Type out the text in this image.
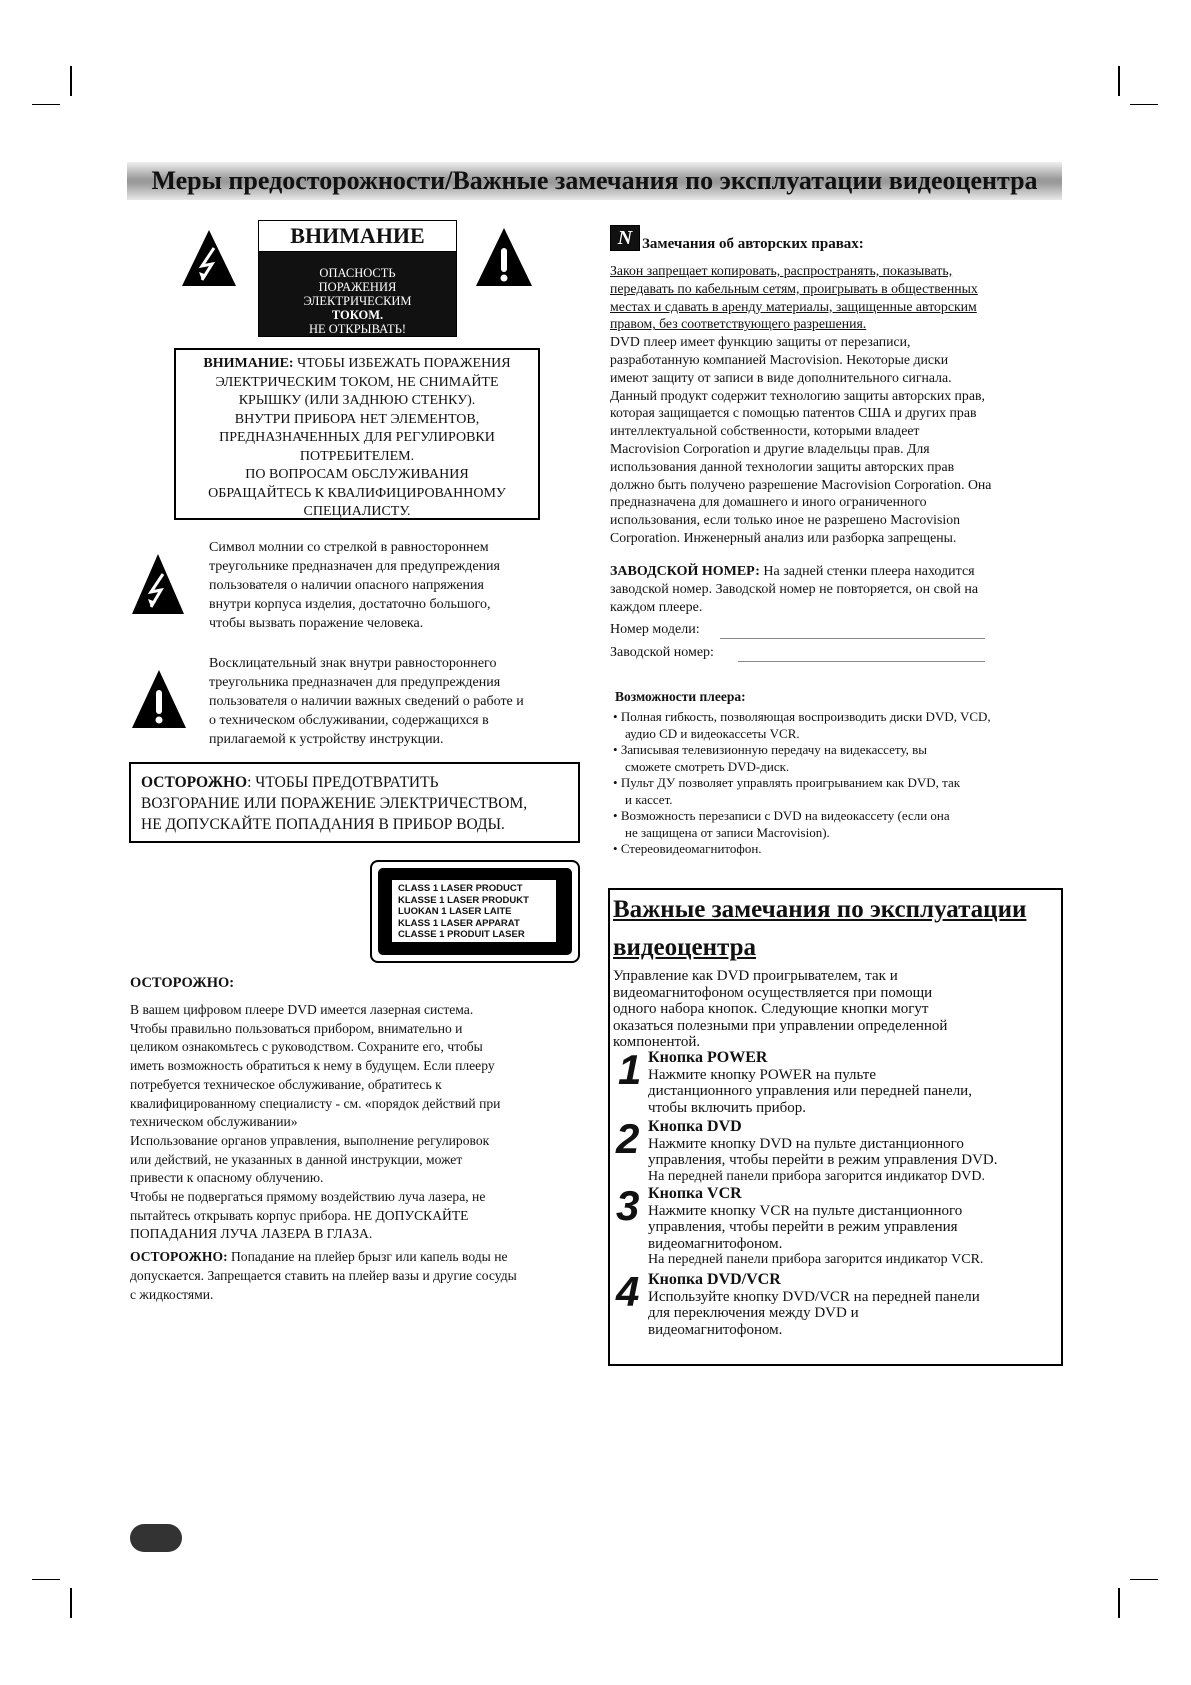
Меры предосторожности/Важные замечания по эксплуатации видеоцентра
ВНИМАНИЕ
ОПАСНОСТЬ
ПОРАЖЕНИЯ
ЭЛЕКТРИЧЕСКИМ
ТОКОМ.
НЕ ОТКРЫВАТЬ!
ВНИМАНИЕ: ЧТОБЫ ИЗБЕЖАТЬ ПОРАЖЕНИЯ
ЭЛЕКТРИЧЕСКИМ ТОКОМ, НЕ СНИМАЙТЕ
КРЫШКУ (ИЛИ ЗАДНЮЮ СТЕНКУ).
ВНУТРИ ПРИБОРА НЕТ ЭЛЕМЕНТОВ,
ПРЕДНАЗНАЧЕННЫХ ДЛЯ РЕГУЛИРОВКИ
ПОТРЕБИТЕЛЕМ.
ПО ВОПРОСАМ ОБСЛУЖИВАНИЯ
ОБРАЩАЙТЕСЬ К КВАЛИФИЦИРОВАННОМУ
СПЕЦИАЛИСТУ.
Символ молнии со стрелкой в равностороннем
треугольнике предназначен для предупреждения
пользователя о наличии опасного напряжения
внутри корпуса изделия, достаточно большого,
чтобы вызвать поражение человека.
Восклицательный знак внутри равностороннего
треугольника предназначен для предупреждения
пользователя о наличии важных сведений о работе и
о техническом обслуживании, содержащихся в
прилагаемой к устройству инструкции.
ОСТОРОЖНО: ЧТОБЫ ПРЕДОТВРАТИТЬ
ВОЗГОРАНИЕ ИЛИ ПОРАЖЕНИЕ ЭЛЕКТРИЧЕСТВОМ,
НЕ ДОПУСКАЙТЕ ПОПАДАНИЯ В ПРИБОР ВОДЫ.
CLASS 1 LASER PRODUCT
KLASSE 1 LASER PRODUKT
LUOKAN 1 LASER LAITE
KLASS 1 LASER APPARAT
CLASSE 1 PRODUIT LASER
ОСТОРОЖНО:
В вашем цифровом плеере DVD имеется лазерная система.
Чтобы правильно пользоваться прибором, внимательно и
целиком ознакомьтесь с руководством. Сохраните его, чтобы
иметь возможность обратиться к нему в будущем. Если плееру
потребуется техническое обслуживание, обратитесь к
квалифицированному специалисту - см. «порядок действий при
техническом обслуживании»
Использование органов управления, выполнение регулировок
или действий, не указанных в данной инструкции, может
привести к опасному облучению.
Чтобы не подвергаться прямому воздействию луча лазера, не
пытайтесь открывать корпус прибора. НЕ ДОПУСКАЙТЕ
ПОПАДАНИЯ ЛУЧА ЛАЗЕРА В ГЛАЗА.
ОСТОРОЖНО: Попадание на плейер брызг или капель воды не
допускается. Запрещается ставить на плейер вазы и другие сосуды
с жидкостями.
N Замечания об авторских правах:
Закон запрещает копировать, распространять, показывать,
передавать по кабельным сетям, проигрывать в общественных
местах и сдавать в аренду материалы, защищенные авторским
правом, без соответствующего разрешения.
DVD плеер имеет функцию защиты от перезаписи,
разработанную компанией Macrovision. Некоторые диски
имеют защиту от записи в виде дополнительного сигнала.
Данный продукт содержит технологию защиты авторских прав,
которая защищается с помощью патентов США и других прав
интеллектуальной собственности, которыми владеет
Macrovision Corporation и другие владельцы прав. Для
использования данной технологии защиты авторских прав
должно быть получено разрешение Macrovision Corporation. Она
предназначена для домашнего и иного ограниченного
использования, если только иное не разрешено Macrovision
Corporation. Инженерный анализ или разборка запрещены.
ЗАВОДСКОЙ НОМЕР: На задней стенки плеера находится
заводской номер. Заводской номер не повторяется, он свой на
каждом плеере.
Номер модели:
Заводской номер:
Возможности плеера:
• Полная гибкость, позволяющая воспроизводить диски DVD, VCD,
аудио CD и видеокассеты VCR.
• Записывая телевизионную передачу на видекассету, вы
сможете смотреть DVD-диск.
• Пульт ДУ позволяет управлять проигрыванием как DVD, так
и кассет.
• Возможность перезаписи с DVD на видеокассету (если она
не защищена от записи Macrovision).
• Стереовидеомагнитофон.
Важные замечания по эксплуатации
видеоцентра
Управление как DVD проигрывателем, так и
видеомагнитофоном осуществляется при помощи
одного набора кнопок. Следующие кнопки могут
оказаться полезными при управлении определенной
компонентой.
1 Кнопка POWER
Нажмите кнопку POWER на пульте
дистанционного управления или передней панели,
чтобы включить прибор.
2 Кнопка DVD
Нажмите кнопку DVD на пульте дистанционного
управления, чтобы перейти в режим управления DVD.
На передней панели прибора загорится индикатор DVD.
3 Кнопка VCR
Нажмите кнопку VCR на пульте дистанционного
управления, чтобы перейти в режим управления
видеомагнитофоном.
На передней панели прибора загорится индикатор VCR.
4 Кнопка DVD/VCR
Используйте кнопку DVD/VCR на передней панели
для переключения между DVD и
видеомагнитофоном.
